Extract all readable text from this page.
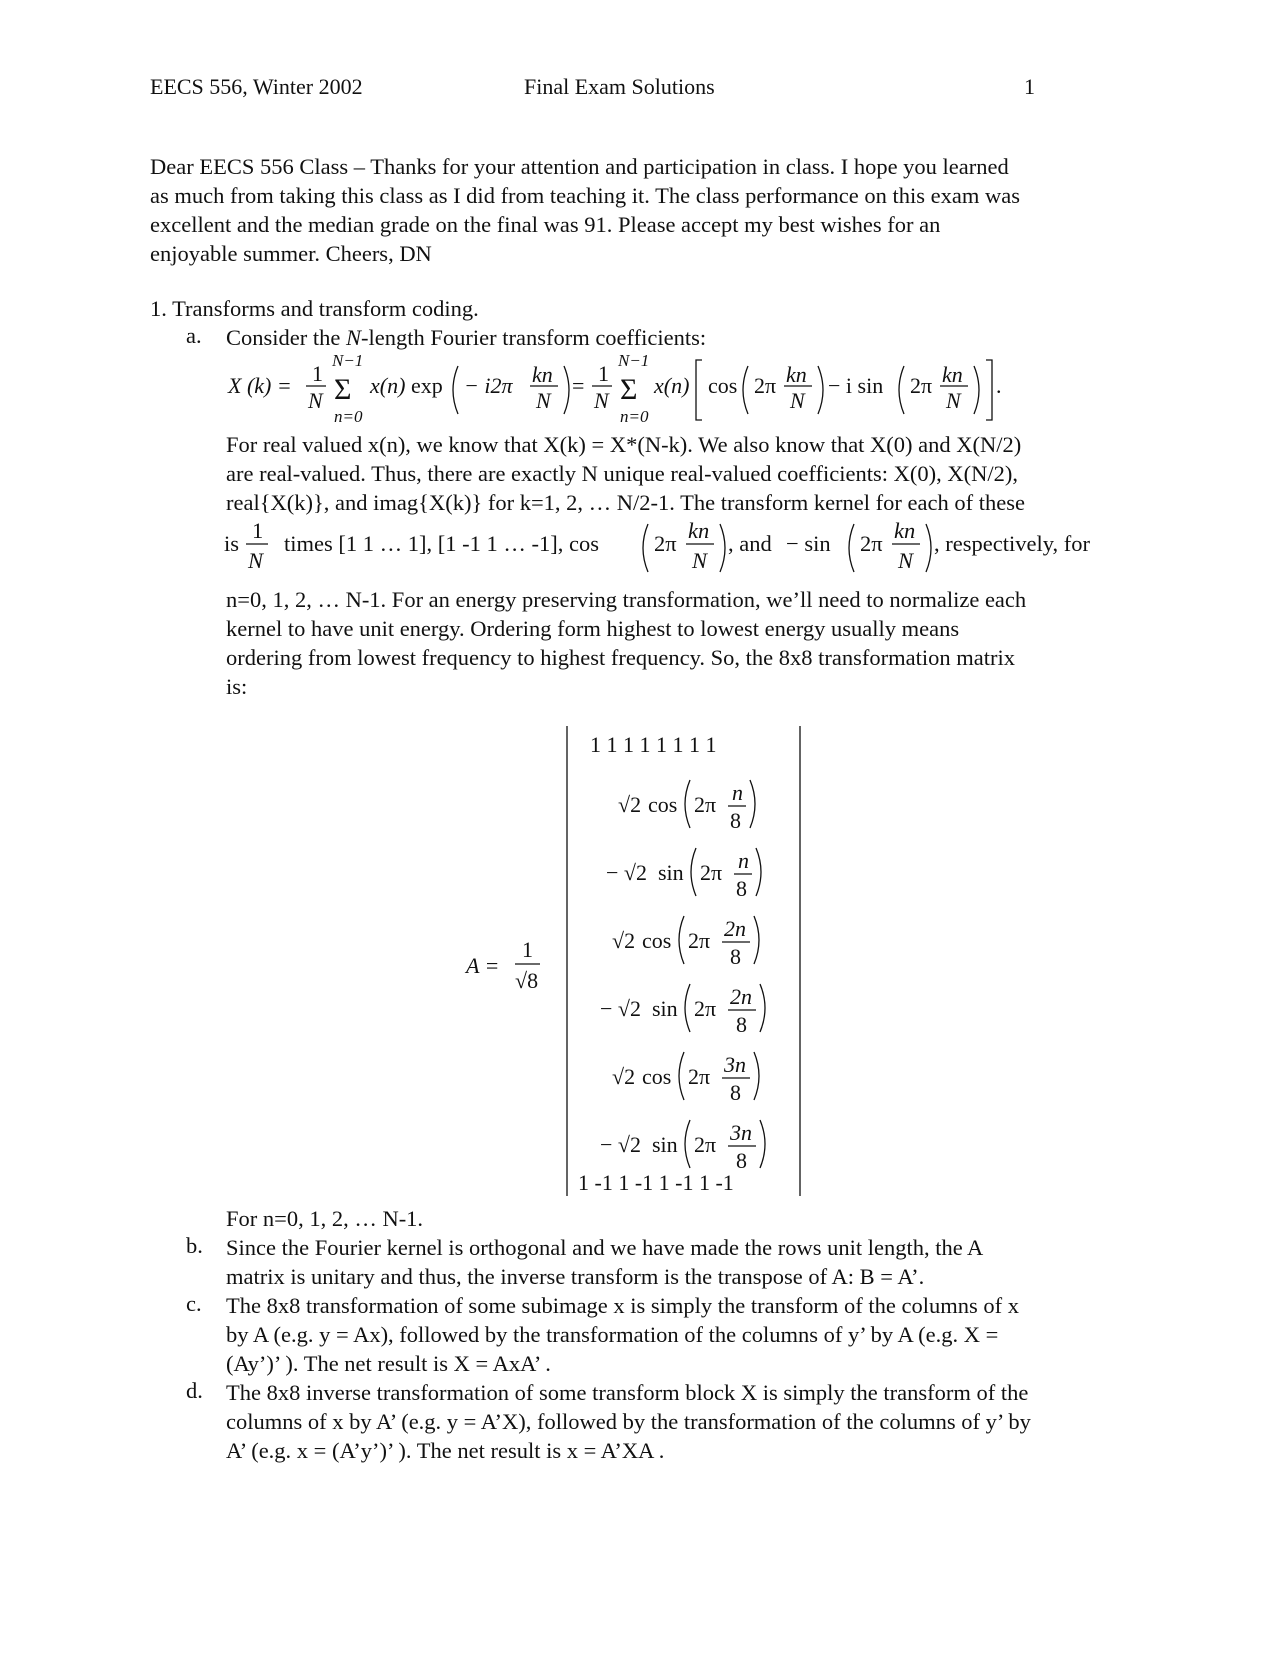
EECS 556, Winter 2002	Final Exam Solutions	1
Dear EECS 556 Class – Thanks for your attention and participation in class. I hope you learned
as much from taking this class as I did from teaching it. The class performance on this exam was
excellent and the median grade on the final was 91. Please accept my best wishes for an
enjoyable summer. Cheers, DN
1. Transforms and transform coding.
a. Consider the N-length Fourier transform coefficients:
X (k) = 1
N
N−1
Σ
n=0
x(n) exp − i2π kn
N
= 1
N
N−1
Σ
n=0
x(n) cos 2π kn
N
− i sin 2π kn
N
.
For real valued x(n), we know that X(k) = X*(N-k). We also know that X(0) and X(N/2)
are real-valued. Thus, there are exactly N unique real-valued coefficients: X(0), X(N/2),
real{X(k)}, and imag{X(k)} for k=1, 2, … N/2-1. The transform kernel for each of these
is
1
N
times [1 1 … 1], [1 -1 1 … -1], cos 2π
kn
N
, and − sin 2π
kn
N
, respectively, for
n=0, 1, 2, … N-1. For an energy preserving transformation, we’ll need to normalize each
kernel to have unit energy. Ordering form highest to lowest energy usually means
ordering from lowest frequency to highest frequency. So, the 8x8 transformation matrix
is:
A =
1
√8
1 1 1 1 1 1 1 1
√2 cos 2π n
8
− √2 sin 2π n
8
√2 cos 2π 2n
8
− √2 sin 2π 2n
8
√2 cos 2π 3n
8
− √2 sin 2π 3n
8
1 -1 1 -1 1 -1 1 -1
For n=0, 1, 2, … N-1.
b. Since the Fourier kernel is orthogonal and we have made the rows unit length, the A
matrix is unitary and thus, the inverse transform is the transpose of A: B = A’.
c. The 8x8 transformation of some subimage x is simply the transform of the columns of x
by A (e.g. y = Ax), followed by the transformation of the columns of y’ by A (e.g. X =
(Ay’)’ ). The net result is X = AxA’ .
d. The 8x8 inverse transformation of some transform block X is simply the transform of the
columns of x by A’ (e.g. y = A’X), followed by the transformation of the columns of y’ by
A’ (e.g. x = (A’y’)’ ). The net result is x = A’XA .
